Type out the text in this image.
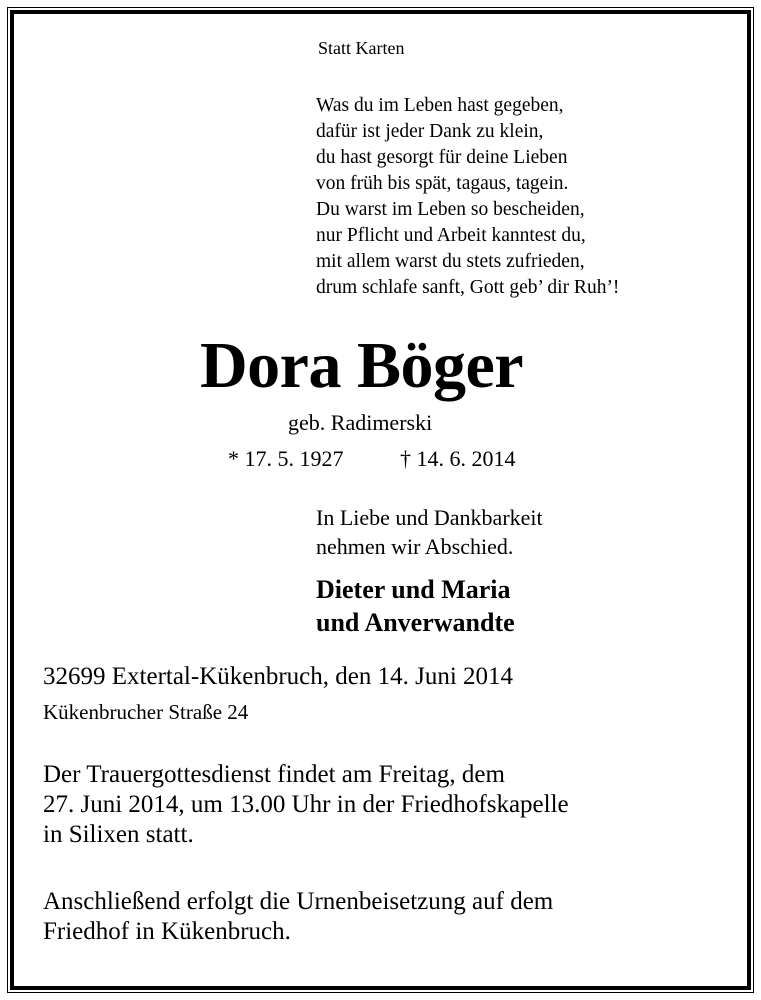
Statt Karten
Was du im Leben hast gegeben,
dafür ist jeder Dank zu klein,
du hast gesorgt für deine Lieben
von früh bis spät, tagaus, tagein.
Du warst im Leben so bescheiden,
nur Pflicht und Arbeit kanntest du,
mit allem warst du stets zufrieden,
drum schlafe sanft, Gott geb’ dir Ruh’!
Dora Böger
geb. Radimerski
* 17. 5. 1927	† 14. 6. 2014
In Liebe und Dankbarkeit
nehmen wir Abschied.
Dieter und Maria
und Anverwandte
32699 Extertal-Kükenbruch, den 14. Juni 2014
Kükenbrucher Straße 24
Der Trauergottesdienst findet am Freitag, dem
27. Juni 2014, um 13.00 Uhr in der Friedhofskapelle
in Silixen statt.
Anschließend erfolgt die Urnenbeisetzung auf dem
Friedhof in Kükenbruch.
